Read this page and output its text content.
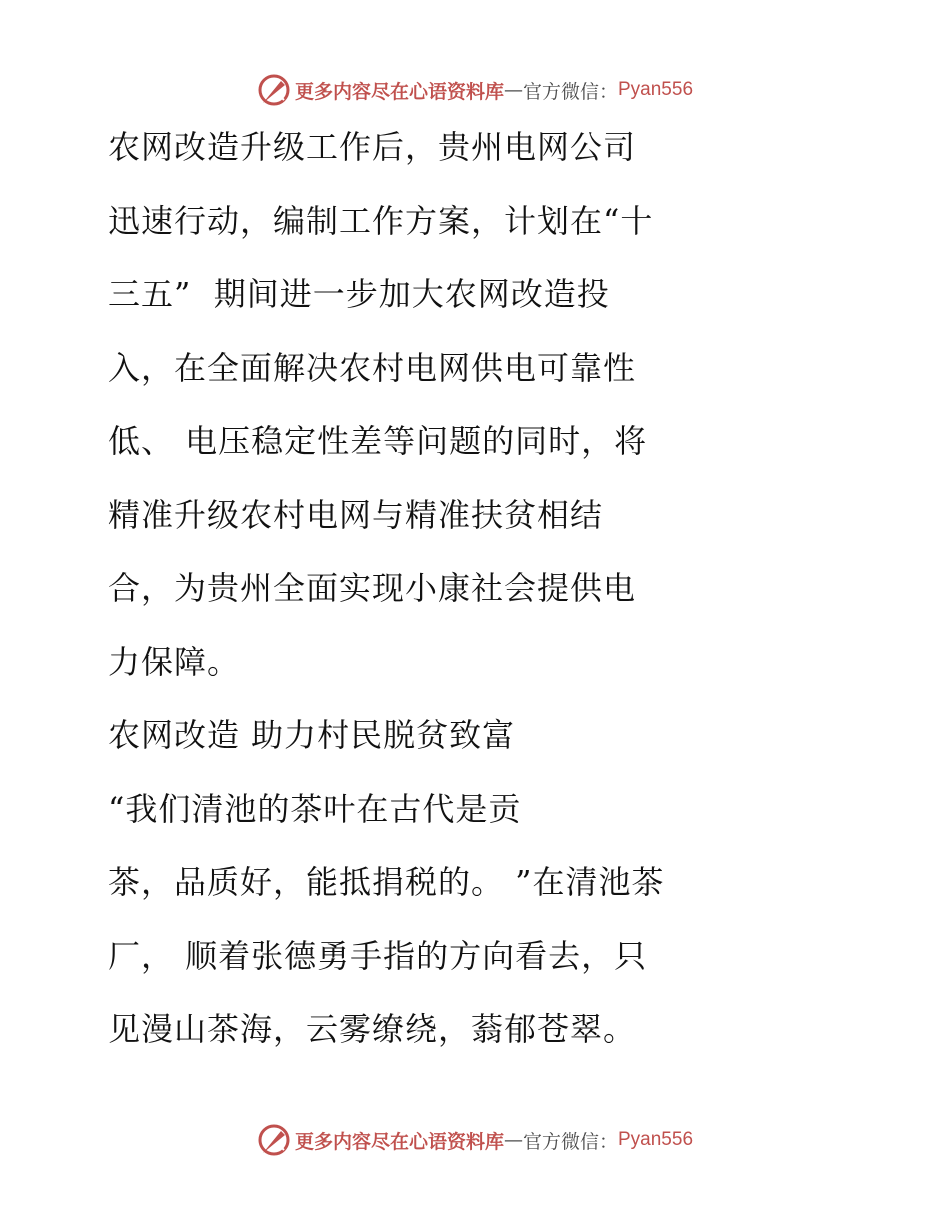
更多内容尽在心语资料库 — 官方微信： Pyan556
农网改造升级工作后，贵州电网公司
迅速行动，编制工作方案，计划在“十
三五”  期间进一步加大农网改造投
入，在全面解决农村电网供电可靠性
低、 电压稳定性差等问题的同时，将
精准升级农村电网与精准扶贫相结
合，为贵州全面实现小康社会提供电
力保障。
农网改造 助力村民脱贫致富
“我们清池的茶叶在古代是贡
茶，品质好，能抵捐税的。 ”在清池茶
厂， 顺着张德勇手指的方向看去，只
见漫山茶海，云雾缭绕，蓊郁苍翠。
更多内容尽在心语资料库 — 官方微信： Pyan556
